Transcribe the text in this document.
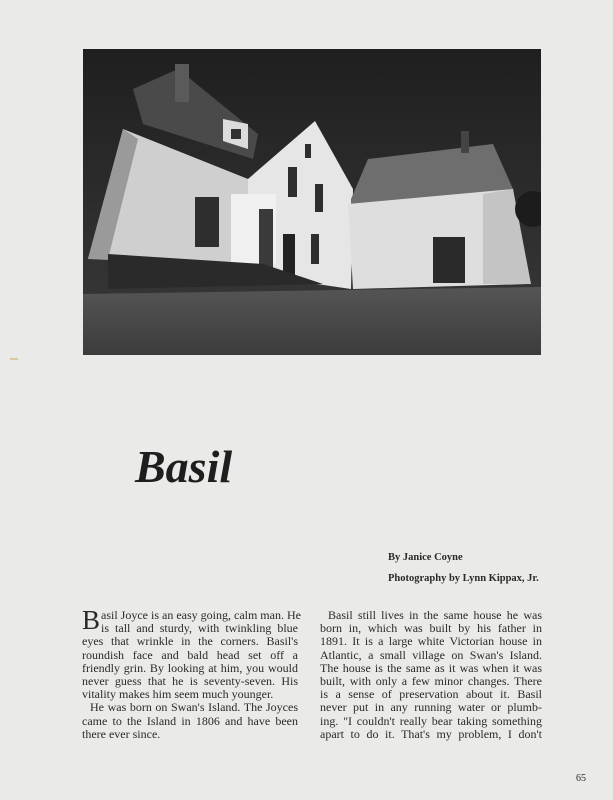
Basil
By Janice Coyne
Photography by Lynn Kippax, Jr.
B asil Joyce is an easy going, calm man. He
is tall and sturdy, with twinkling blue
eyes that wrinkle in the corners. Basil's
roundish face and bald head set off a
friendly grin. By looking at him, you would
never guess that he is seventy-seven. His
vitality makes him seem much younger.
He was born on Swan's Island. The Joyces
came to the Island in 1806 and have been
there ever since.
Basil still lives in the same house he was
born in, which was built by his father in
1891. It is a large white Victorian house in
Atlantic, a small village on Swan's Island.
The house is the same as it was when it was
built, with only a few minor changes. There
is a sense of preservation about it. Basil
never put in any running water or plumb-
ing. "I couldn't really bear taking something
apart to do it. That's my problem, I don't
65
